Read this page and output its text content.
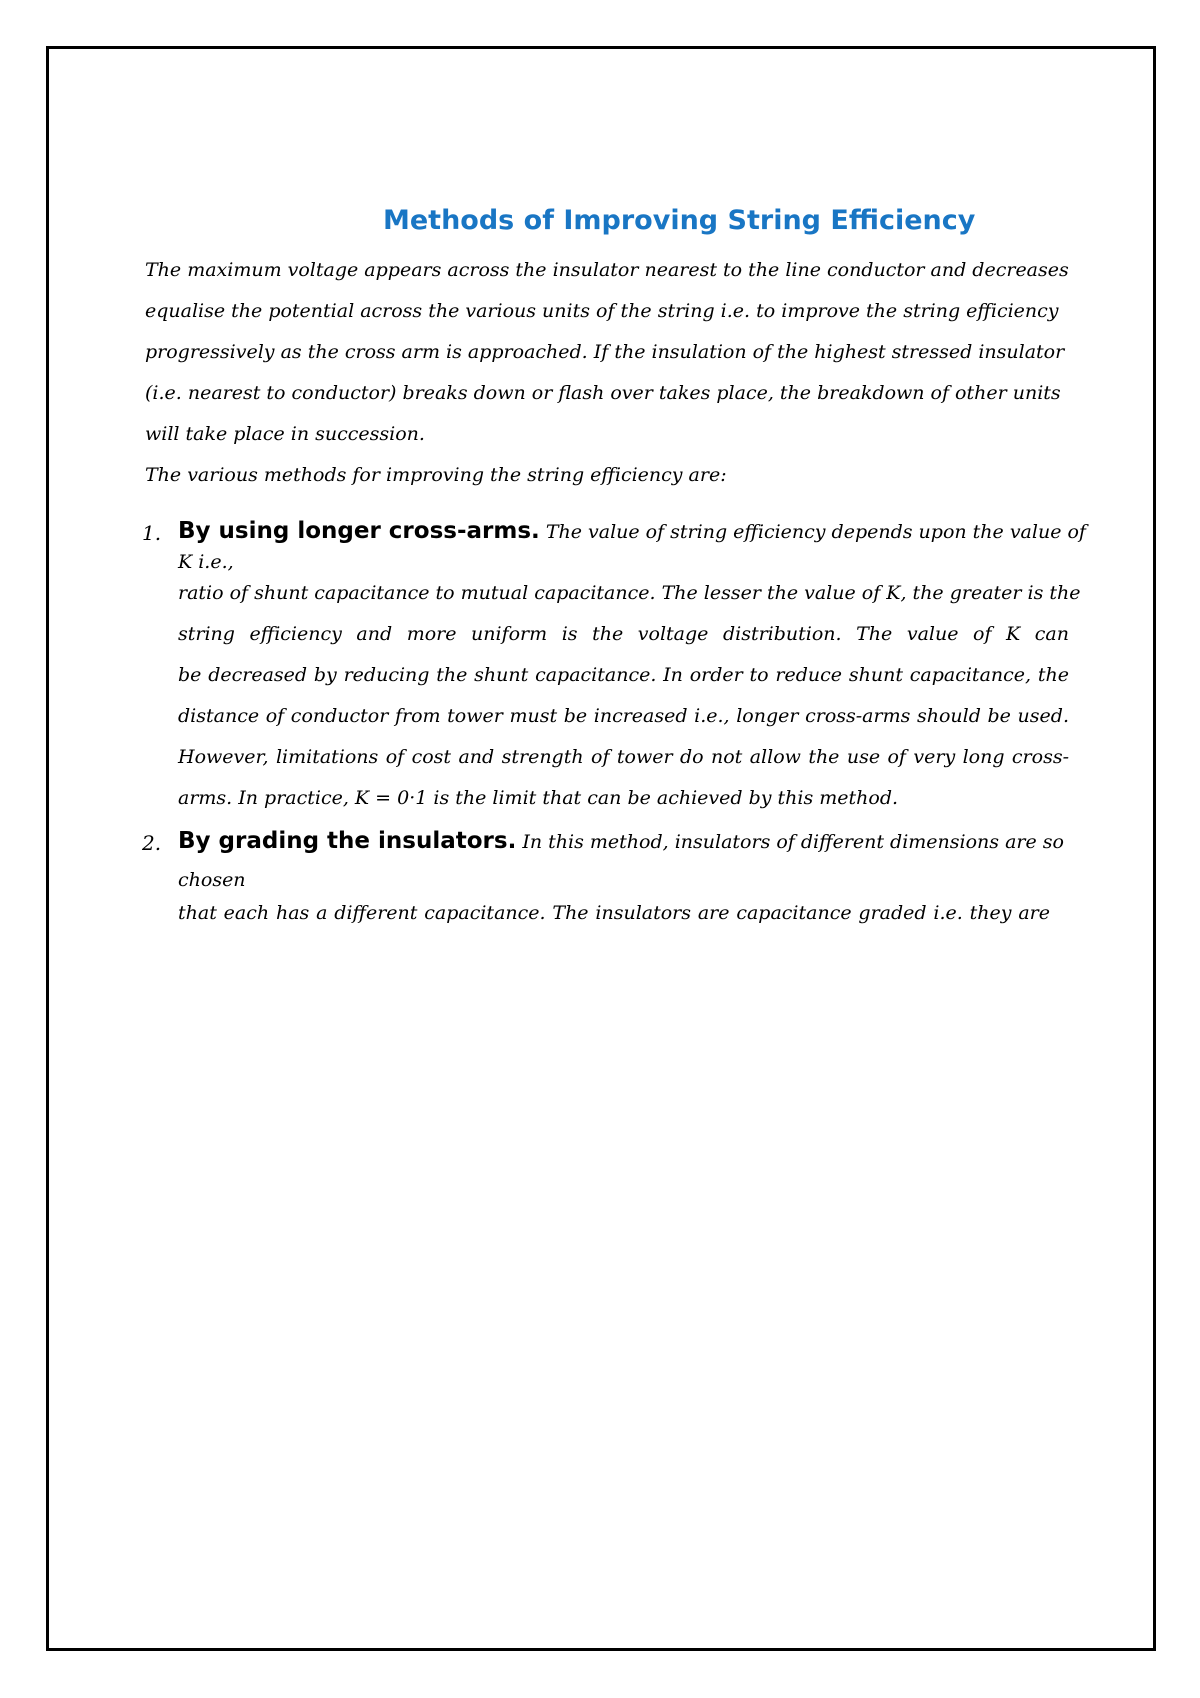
Methods of Improving String Efficiency
The maximum voltage appears across the insulator nearest to the line conductor and decreases
equalise the potential across the various units of the string i.e. to improve the string efficiency
progressively as the cross arm is approached. If the insulation of the highest stressed insulator
(i.e. nearest to conductor) breaks down or flash over takes place, the breakdown of other units
will take place in succession.
The various methods for improving the string efficiency are:
1. By using longer cross-arms. The value of string efficiency depends upon the value of
K i.e.,
ratio of shunt capacitance to mutual capacitance. The lesser the value of K, the greater is the
string efficiency and more uniform is the voltage distribution. The value of K can
be decreased by reducing the shunt capacitance. In order to reduce shunt capacitance, the
distance of conductor from tower must be increased i.e., longer cross-arms should be used.
However, limitations of cost and strength of tower do not allow the use of very long cross-
arms. In practice, K = 0·1 is the limit that can be achieved by this method.
2. By grading the insulators. In this method, insulators of different dimensions are so
chosen
that each has a different capacitance. The insulators are capacitance graded i.e. they are
